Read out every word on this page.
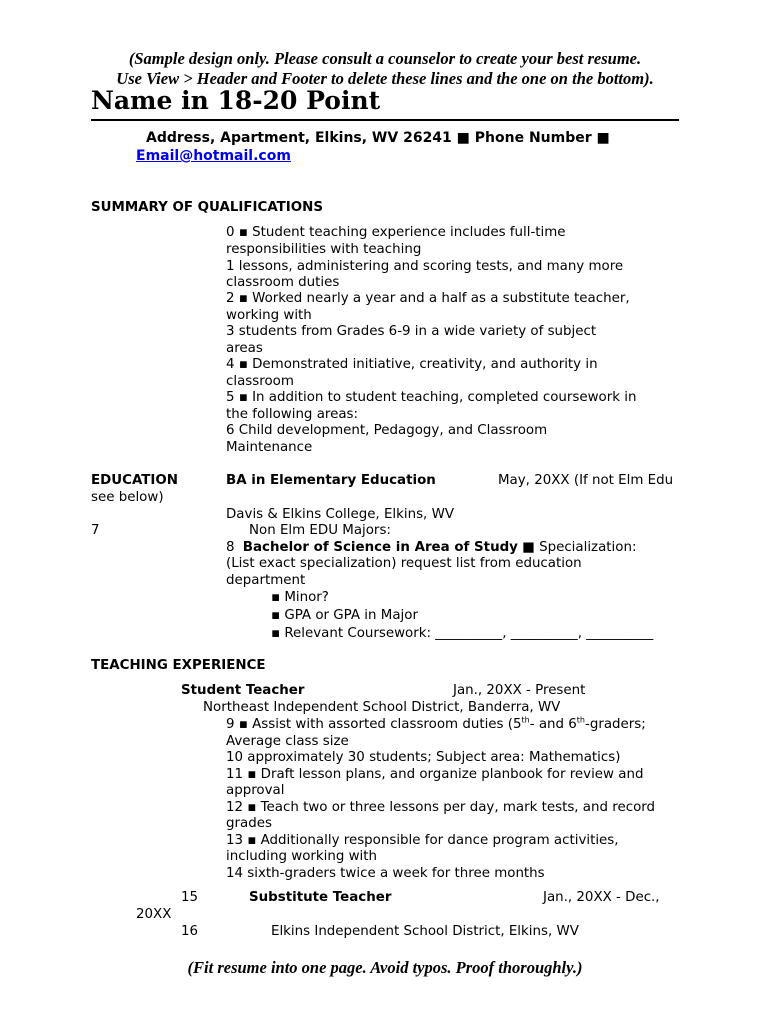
(Sample design only. Please consult a counselor to create your best resume.
Use View > Header and Footer to delete these lines and the one on the bottom).
Name in 18-20 Point
Address, Apartment, Elkins, WV 26241 ■ Phone Number ■
Email@hotmail.com
SUMMARY OF QUALIFICATIONS
0 ▪ Student teaching experience includes full-time
responsibilities with teaching
1 lessons, administering and scoring tests, and many more
classroom duties
2 ▪ Worked nearly a year and a half as a substitute teacher,
working with
3 students from Grades 6-9 in a wide variety of subject
areas
4 ▪ Demonstrated initiative, creativity, and authority in
classroom
5 ▪ In addition to student teaching, completed coursework in
the following areas:
6 Child development, Pedagogy, and Classroom
Maintenance
EDUCATION	BA in Elementary Education	May, 20XX (If not Elm Edu
see below)
Davis & Elkins College, Elkins, WV
7	Non Elm EDU Majors:
8 Bachelor of Science in Area of Study ■ Specialization:
(List exact specialization) request list from education
department
▪ Minor?
▪ GPA or GPA in Major
▪ Relevant Coursework: __________, __________, __________
TEACHING EXPERIENCE
Student Teacher	Jan., 20XX - Present
Northeast Independent School District, Banderra, WV
9 ▪ Assist with assorted classroom duties (5th- and 6th-graders;
Average class size
10 approximately 30 students; Subject area: Mathematics)
11 ▪ Draft lesson plans, and organize planbook for review and
approval
12 ▪ Teach two or three lessons per day, mark tests, and record
grades
13 ▪ Additionally responsible for dance program activities,
including working with
14 sixth-graders twice a week for three months
15	Substitute Teacher	Jan., 20XX - Dec.,
20XX
16	Elkins Independent School District, Elkins, WV
(Fit resume into one page. Avoid typos. Proof thoroughly.)
